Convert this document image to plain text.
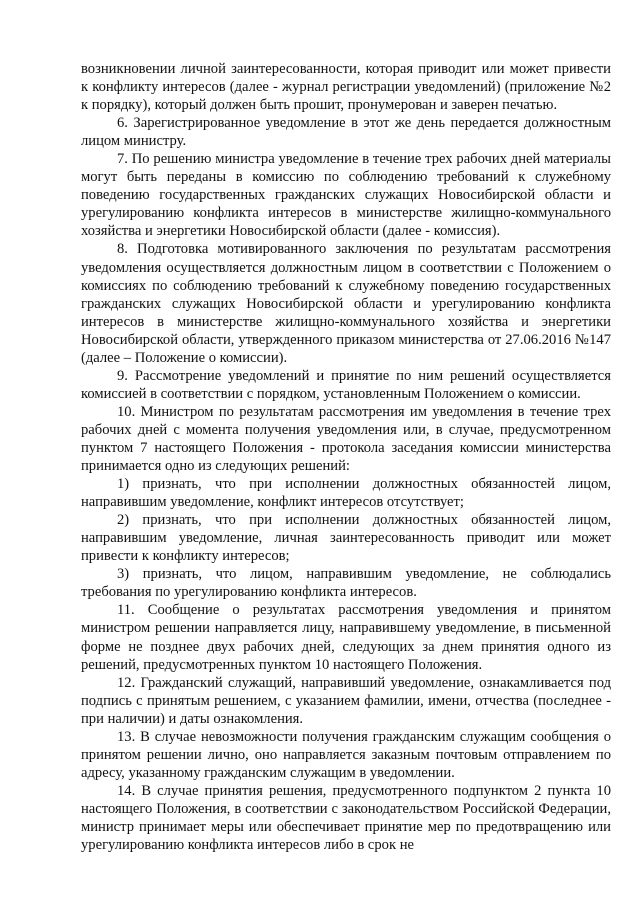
возникновении личной заинтересованности, которая приводит или может привести к конфликту интересов (далее - журнал регистрации уведомлений) (приложение №2 к порядку), который должен быть прошит, пронумерован и заверен печатью.

6. Зарегистрированное уведомление в этот же день передается должностным лицом министру.

7. По решению министра уведомление в течение трех рабочих дней материалы могут быть переданы в комиссию по соблюдению требований к служебному поведению государственных гражданских служащих Новосибирской области и урегулированию конфликта интересов в министерстве жилищно-коммунального хозяйства и энергетики Новосибирской области (далее - комиссия).

8. Подготовка мотивированного заключения по результатам рассмотрения уведомления осуществляется должностным лицом в соответствии с Положением о комиссиях по соблюдению требований к служебному поведению государственных гражданских служащих Новосибирской области и урегулированию конфликта интересов в министерстве жилищно-коммунального хозяйства и энергетики Новосибирской области, утвержденного приказом министерства от 27.06.2016 №147 (далее – Положение о комиссии).

9. Рассмотрение уведомлений и принятие по ним решений осуществляется комиссией в соответствии с порядком, установленным Положением о комиссии.

10. Министром по результатам рассмотрения им уведомления в течение трех рабочих дней с момента получения уведомления или, в случае, предусмотренном пунктом 7 настоящего Положения - протокола заседания комиссии министерства принимается одно из следующих решений:

1) признать, что при исполнении должностных обязанностей лицом, направившим уведомление, конфликт интересов отсутствует;

2) признать, что при исполнении должностных обязанностей лицом, направившим уведомление, личная заинтересованность приводит или может привести к конфликту интересов;

3) признать, что лицом, направившим уведомление, не соблюдались требования по урегулированию конфликта интересов.

11. Сообщение о результатах рассмотрения уведомления и принятом министром решении направляется лицу, направившему уведомление, в письменной форме не позднее двух рабочих дней, следующих за днем принятия одного из решений, предусмотренных пунктом 10 настоящего Положения.

12. Гражданский служащий, направивший уведомление, ознакамливается под подпись с принятым решением, с указанием фамилии, имени, отчества (последнее - при наличии) и даты ознакомления.

13. В случае невозможности получения гражданским служащим сообщения о принятом решении лично, оно направляется заказным почтовым отправлением по адресу, указанному гражданским служащим в уведомлении.

14. В случае принятия решения, предусмотренного подпунктом 2 пункта 10 настоящего Положения, в соответствии с законодательством Российской Федерации, министр принимает меры или обеспечивает принятие мер по предотвращению или урегулированию конфликта интересов либо в срок не
